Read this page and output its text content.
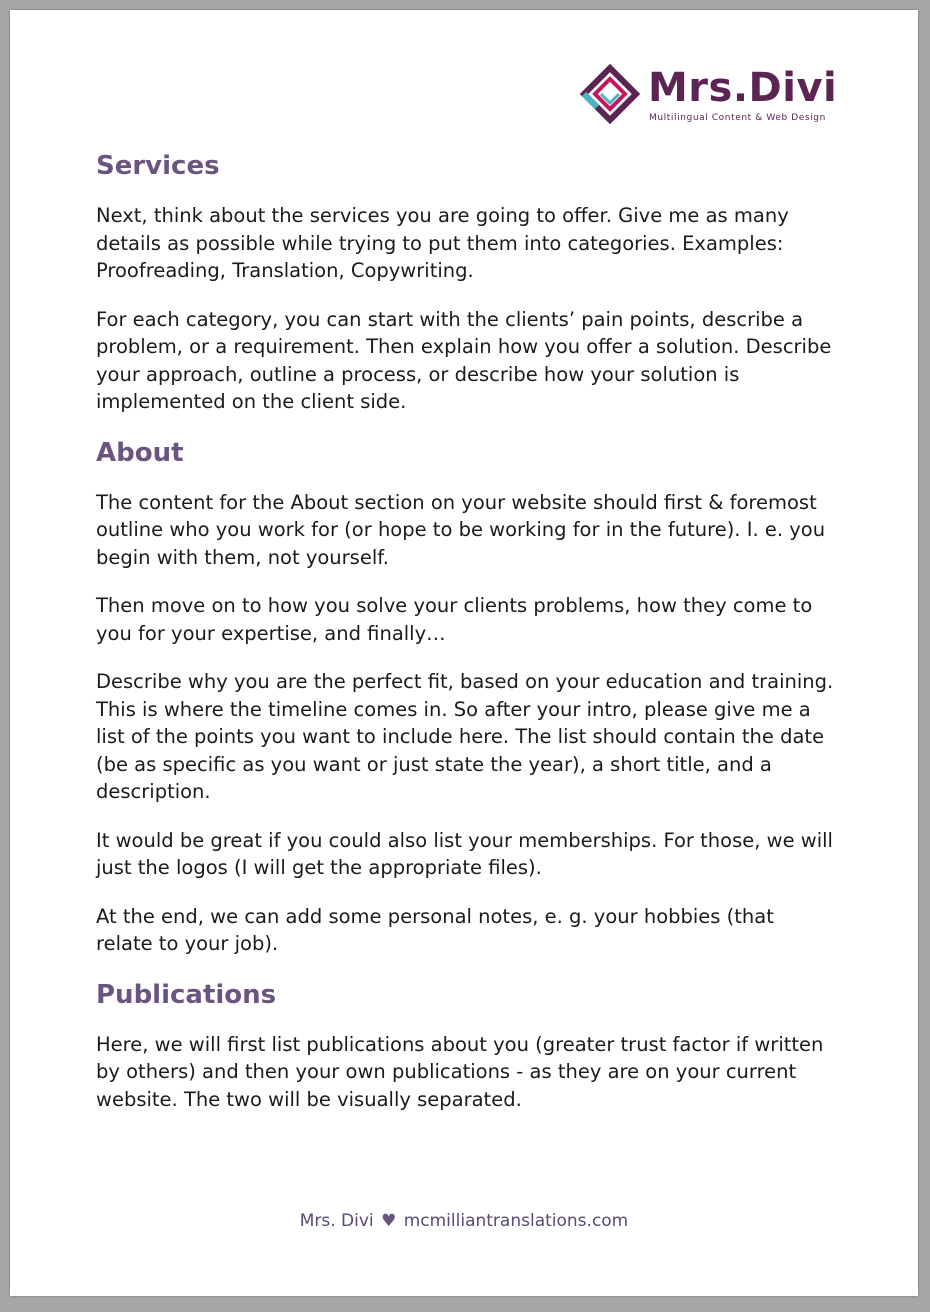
Mrs.Divi
Multilingual Content & Web Design
Services

Next, think about the services you are going to offer. Give me as many details as possible while trying to put them into categories. Examples: Proofreading, Translation, Copywriting.

For each category, you can start with the clients’ pain points, describe a problem, or a requirement. Then explain how you offer a solution. Describe your approach, outline a process, or describe how your solution is implemented on the client side.

About

The content for the About section on your website should first & foremost outline who you work for (or hope to be working for in the future). I. e. you begin with them, not yourself.

Then move on to how you solve your clients problems, how they come to you for your expertise, and finally…

Describe why you are the perfect fit, based on your education and training. This is where the timeline comes in. So after your intro, please give me a list of the points you want to include here. The list should contain the date (be as specific as you want or just state the year), a short title, and a description.

It would be great if you could also list your memberships. For those, we will just the logos (I will get the appropriate files).

At the end, we can add some personal notes, e. g. your hobbies (that relate to your job).

Publications

Here, we will first list publications about you (greater trust factor if written by others) and then your own publications - as they are on your current website. The two will be visually separated.

Mrs. Divi ♥ mcmilliantranslations.com
